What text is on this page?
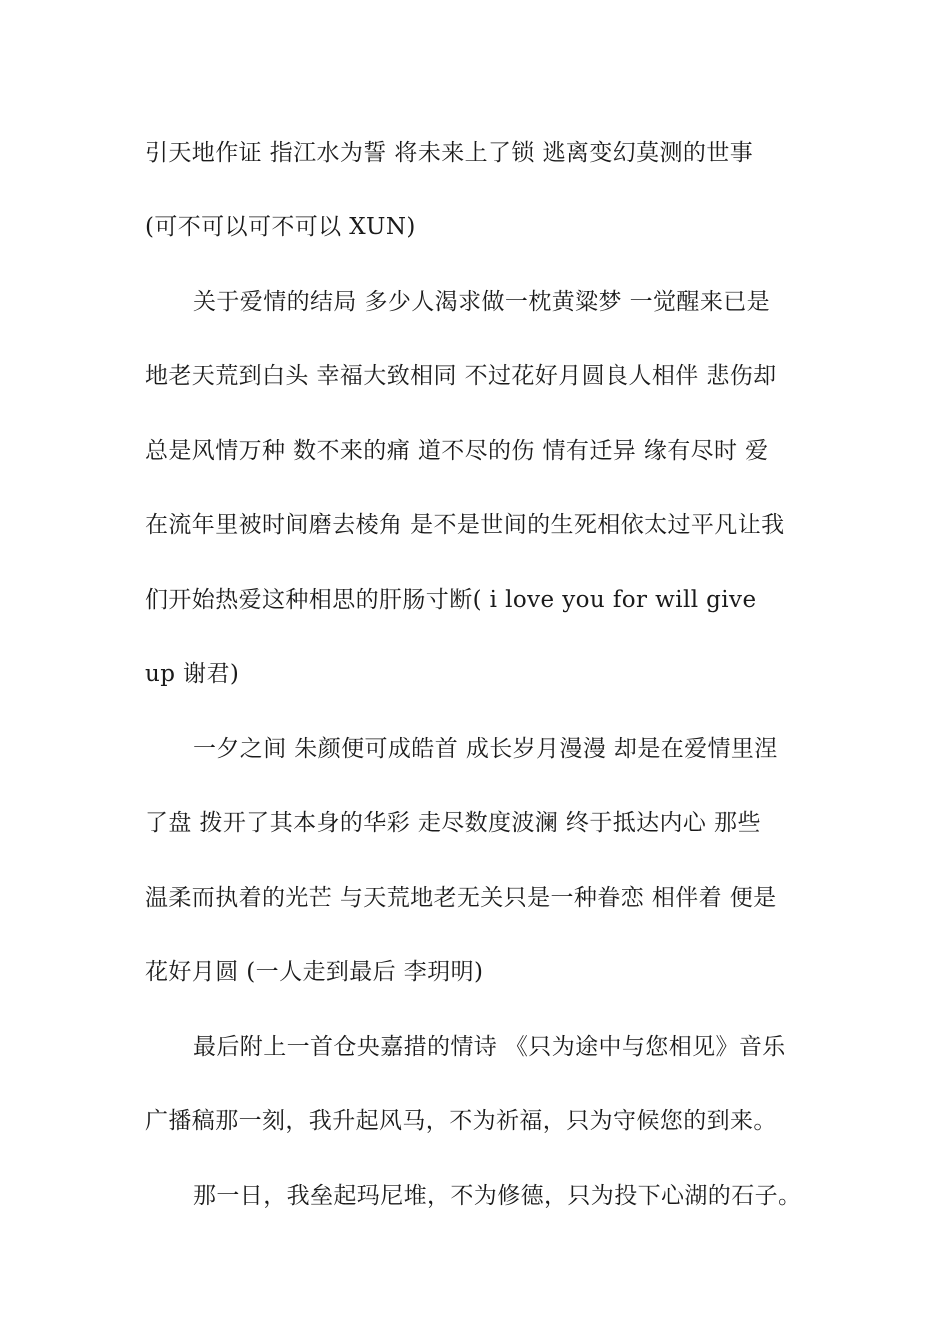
引天地作证 指江水为誓 将未来上了锁 逃离变幻莫测的世事
(可不可以可不可以 XUN)
关于爱情的结局 多少人渴求做一枕黄粱梦 一觉醒来已是
地老天荒到白头 幸福大致相同 不过花好月圆良人相伴 悲伤却
总是风情万种 数不来的痛 道不尽的伤 情有迁异 缘有尽时 爱
在流年里被时间磨去棱角 是不是世间的生死相依太过平凡让我
们开始热爱这种相思的肝肠寸断( i love you for will give
up 谢君)
一夕之间 朱颜便可成皓首 成长岁月漫漫 却是在爱情里涅
了盘 拨开了其本身的华彩 走尽数度波澜 终于抵达内心 那些
温柔而执着的光芒 与天荒地老无关只是一种眷恋 相伴着 便是
花好月圆 (一人走到最后 李玥明)
最后附上一首仓央嘉措的情诗 《只为途中与您相见》音乐
广播稿那一刻，我升起风马，不为祈福，只为守候您的到来。
那一日，我垒起玛尼堆，不为修德，只为投下心湖的石子。
